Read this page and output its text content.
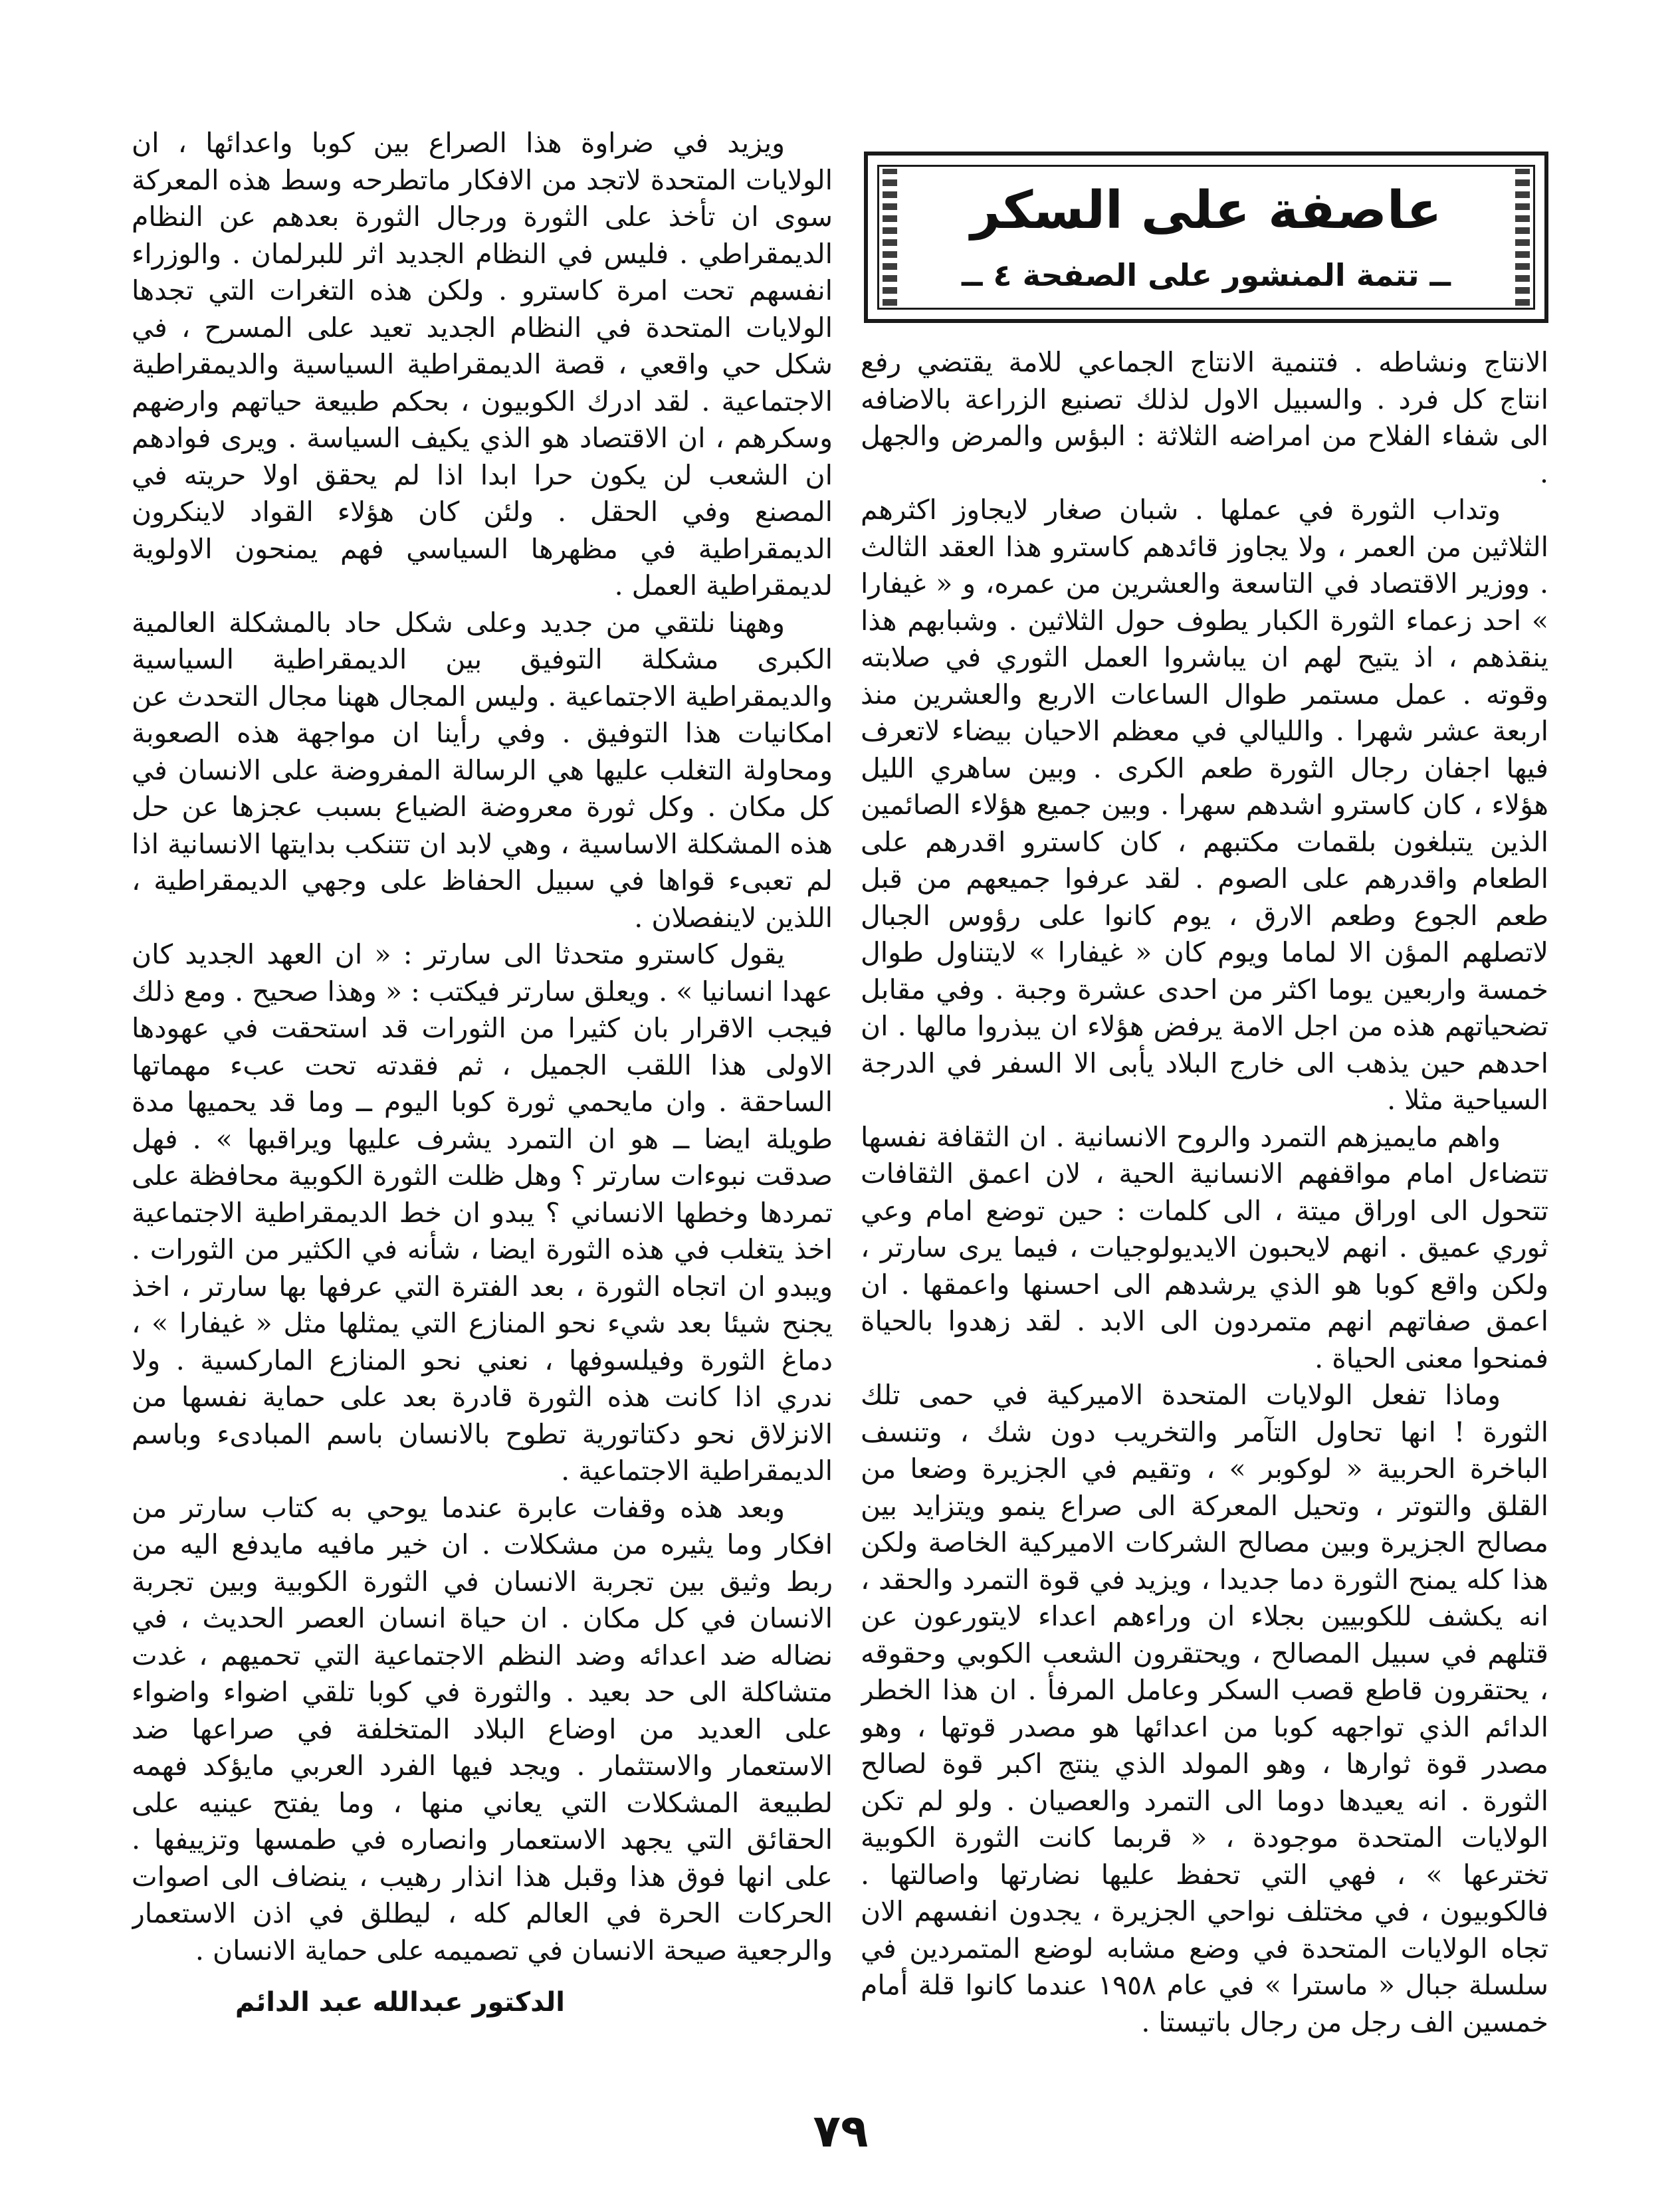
عاصفة على السكر
ــ تتمة المنشور على الصفحة ٤ ــ

الانتاج ونشاطه . فتنمية الانتاج الجماعي للامة يقتضي رفع انتاج كل فرد . والسبيل الاول لذلك تصنيع الزراعة بالاضافه الى شفاء الفلاح من امراضه الثلاثة : البؤس والمرض والجهل .

وتداب الثورة في عملها . شبان صغار لايجاوز اكثرهم الثلاثين من العمر ، ولا يجاوز قائدهم كاسترو هذا العقد الثالث . ووزير الاقتصاد في التاسعة والعشرين من عمره، و « غيفارا » احد زعماء الثورة الكبار يطوف حول الثلاثين . وشبابهم هذا ينقذهم ، اذ يتيح لهم ان يباشروا العمل الثوري في صلابته وقوته . عمل مستمر طوال الساعات الاربع والعشرين منذ اربعة عشر شهرا . والليالي في معظم الاحيان بيضاء لاتعرف فيها اجفان رجال الثورة طعم الكرى . وبين ساهري الليل هؤلاء ، كان كاسترو اشدهم سهرا . وبين جميع هؤلاء الصائمين الذين يتبلغون بلقمات مكتبهم ، كان كاسترو اقدرهم على الطعام واقدرهم على الصوم . لقد عرفوا جميعهم من قبل طعم الجوع وطعم الارق ، يوم كانوا على رؤوس الجبال لاتصلهم المؤن الا لماما ويوم كان « غيفارا » لايتناول طوال خمسة واربعين يوما اكثر من احدى عشرة وجبة . وفي مقابل تضحياتهم هذه من اجل الامة يرفض هؤلاء ان يبذروا مالها . ان احدهم حين يذهب الى خارج البلاد يأبى الا السفر في الدرجة السياحية مثلا .

واهم مايميزهم التمرد والروح الانسانية . ان الثقافة نفسها تتضاءل امام مواقفهم الانسانية الحية ، لان اعمق الثقافات تتحول الى اوراق ميتة ، الى كلمات : حين توضع امام وعي ثوري عميق . انهم لايحبون الايديولوجيات ، فيما يرى سارتر ، ولكن واقع كوبا هو الذي يرشدهم الى احسنها واعمقها . ان اعمق صفاتهم انهم متمردون الى الابد . لقد زهدوا بالحياة فمنحوا معنى الحياة .

وماذا تفعل الولايات المتحدة الاميركية في حمى تلك الثورة ! انها تحاول التآمر والتخريب دون شك ، وتنسف الباخرة الحربية « لوكوبر » ، وتقيم في الجزيرة وضعا من القلق والتوتر ، وتحيل المعركة الى صراع ينمو ويتزايد بين مصالح الجزيرة وبين مصالح الشركات الاميركية الخاصة ولكن هذا كله يمنح الثورة دما جديدا ، ويزيد في قوة التمرد والحقد ، انه يكشف للكوبيين بجلاء ان وراءهم اعداء لايتورعون عن قتلهم في سبيل المصالح ، ويحتقرون الشعب الكوبي وحقوقه ، يحتقرون قاطع قصب السكر وعامل المرفأ . ان هذا الخطر الدائم الذي تواجهه كوبا من اعدائها هو مصدر قوتها ، وهو مصدر قوة ثوارها ، وهو المولد الذي ينتج اكبر قوة لصالح الثورة . انه يعيدها دوما الى التمرد والعصيان . ولو لم تكن الولايات المتحدة موجودة ، « قربما كانت الثورة الكوبية تخترعها » ، فهي التي تحفظ عليها نضارتها واصالتها . فالكوبيون ، في مختلف نواحي الجزيرة ، يجدون انفسهم الان تجاه الولايات المتحدة في وضع مشابه لوضع المتمردين في سلسلة جبال « ماسترا » في عام ١٩٥٨ عندما كانوا قلة أمام خمسين الف رجل من رجال باتيستا .

ويزيد في ضراوة هذا الصراع بين كوبا واعدائها ، ان الولايات المتحدة لاتجد من الافكار ماتطرحه وسط هذه المعركة سوى ان تأخذ على الثورة ورجال الثورة بعدهم عن النظام الديمقراطي . فليس في النظام الجديد اثر للبرلمان . والوزراء انفسهم تحت امرة كاسترو . ولكن هذه التغرات التي تجدها الولايات المتحدة في النظام الجديد تعيد على المسرح ، في شكل حي واقعي ، قصة الديمقراطية السياسية والديمقراطية الاجتماعية . لقد ادرك الكوبيون ، بحكم طبيعة حياتهم وارضهم وسكرهم ، ان الاقتصاد هو الذي يكيف السياسة . ويرى فوادهم ان الشعب لن يكون حرا ابدا اذا لم يحقق اولا حريته في المصنع وفي الحقل . ولئن كان هؤلاء القواد لاينكرون الديمقراطية في مظهرها السياسي فهم يمنحون الاولوية لديمقراطية العمل .

وههنا نلتقي من جديد وعلى شكل حاد بالمشكلة العالمية الكبرى مشكلة التوفيق بين الديمقراطية السياسية والديمقراطية الاجتماعية . وليس المجال ههنا مجال التحدث عن امكانيات هذا التوفيق . وفي رأينا ان مواجهة هذه الصعوبة ومحاولة التغلب عليها هي الرسالة المفروضة على الانسان في كل مكان . وكل ثورة معروضة الضياع بسبب عجزها عن حل هذه المشكلة الاساسية ، وهي لابد ان تتنكب بدايتها الانسانية اذا لم تعبىء قواها في سبيل الحفاظ على وجهي الديمقراطية ، اللذين لاينفصلان .

يقول كاسترو متحدثا الى سارتر : « ان العهد الجديد كان عهدا انسانيا » . ويعلق سارتر فيكتب : « وهذا صحيح . ومع ذلك فيجب الاقرار بان كثيرا من الثورات قد استحقت في عهودها الاولى هذا اللقب الجميل ، ثم فقدته تحت عبء مهماتها الساحقة . وان مايحمي ثورة كوبا اليوم ــ وما قد يحميها مدة طويلة ايضا ــ هو ان التمرد يشرف عليها ويراقبها » . فهل صدقت نبوءات سارتر ؟ وهل ظلت الثورة الكوبية محافظة على تمردها وخطها الانساني ؟ يبدو ان خط الديمقراطية الاجتماعية اخذ يتغلب في هذه الثورة ايضا ، شأنه في الكثير من الثورات . ويبدو ان اتجاه الثورة ، بعد الفترة التي عرفها بها سارتر ، اخذ يجنح شيئا بعد شيء نحو المنازع التي يمثلها مثل « غيفارا » ، دماغ الثورة وفيلسوفها ، نعني نحو المنازع الماركسية . ولا ندري اذا كانت هذه الثورة قادرة بعد على حماية نفسها من الانزلاق نحو دكتاتورية تطوح بالانسان باسم المبادىء وباسم الديمقراطية الاجتماعية .

وبعد هذه وقفات عابرة عندما يوحي به كتاب سارتر من افكار وما يثيره من مشكلات . ان خير مافيه مايدفع اليه من ربط وثيق بين تجربة الانسان في الثورة الكوبية وبين تجربة الانسان في كل مكان . ان حياة انسان العصر الحديث ، في نضاله ضد اعدائه وضد النظم الاجتماعية التي تحميهم ، غدت متشاكلة الى حد بعيد . والثورة في كوبا تلقي اضواء واضواء على العديد من اوضاع البلاد المتخلفة في صراعها ضد الاستعمار والاستثمار . ويجد فيها الفرد العربي مايؤكد فهمه لطبيعة المشكلات التي يعاني منها ، وما يفتح عينيه على الحقائق التي يجهد الاستعمار وانصاره في طمسها وتزييفها . على انها فوق هذا وقبل هذا انذار رهيب ، ينضاف الى اصوات الحركات الحرة في العالم كله ، ليطلق في اذن الاستعمار والرجعية صيحة الانسان في تصميمه على حماية الانسان .

الدكتور عبدالله عبد الدائم
٧٩
